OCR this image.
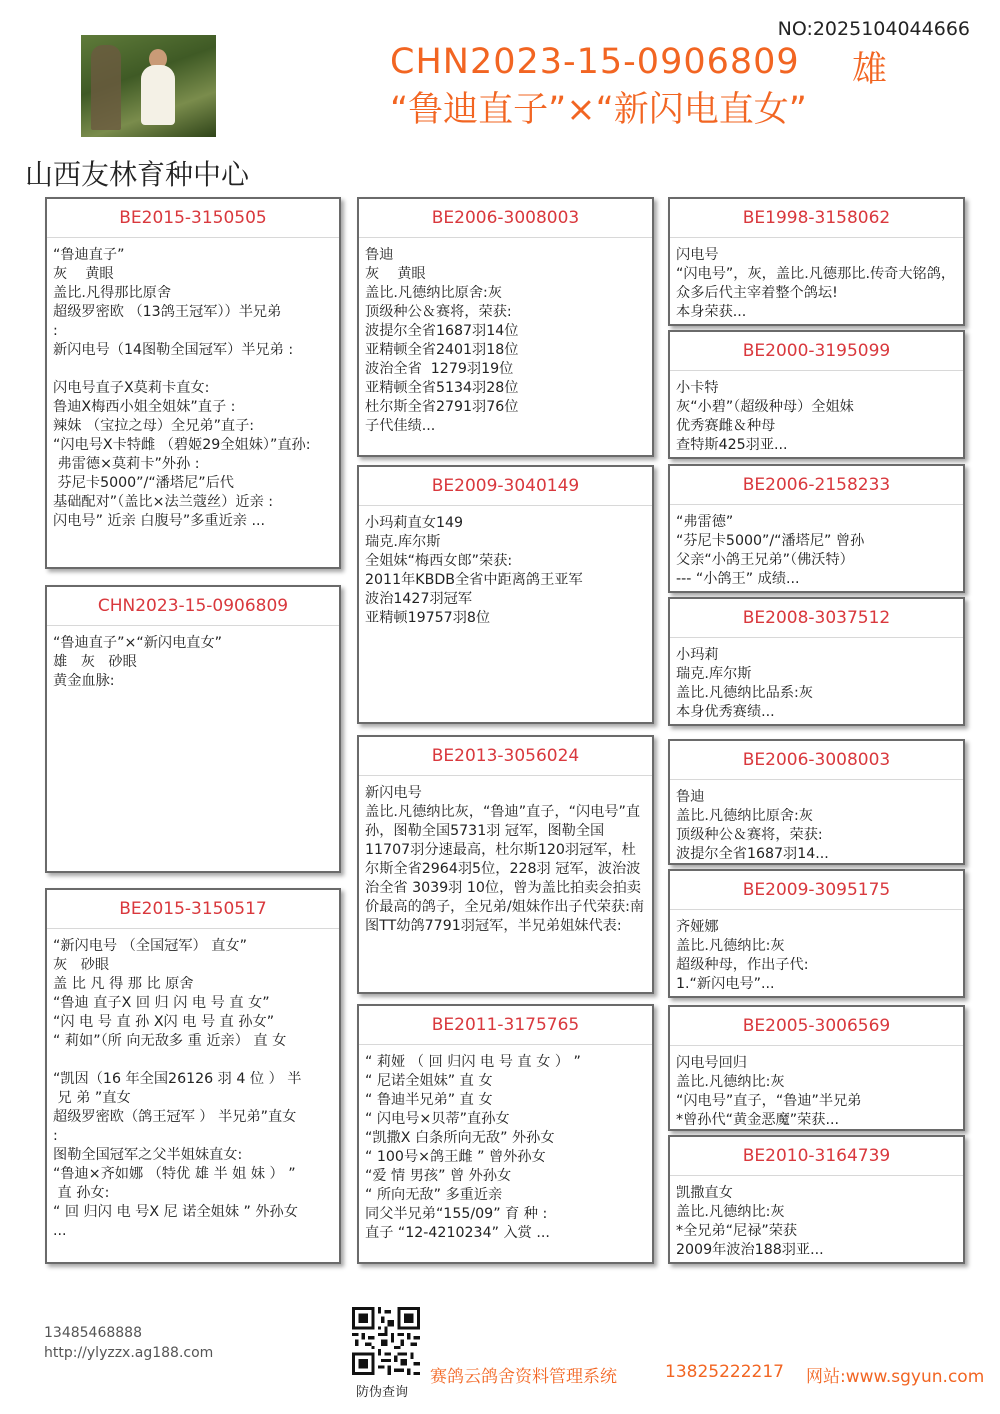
NO:2025104044666
CHN2023-15-0906809 雄
“鲁迪直子”×“新闪电直女”
山西友林育种中心
BE2015-3150505
“鲁迪直子”
灰    黄眼
盖比.凡得那比原舍
超级罗密欧 （13鸽王冠军））半兄弟
:
新闪电号（14图勒全国冠军）半兄弟 :

闪电号直子X莫莉卡直女:
鲁迪X梅西小姐全姐妹”直子 :
辣妹 （宝拉之母）全兄弟”直子:
“闪电号X卡特雌 （碧姬29全姐妹）”直孙:
弗雷德×莫莉卡”外孙 :
芬尼卡5000”/“潘塔尼”后代
基础配对”（盖比×法兰蔻丝）近亲 :
闪电号” 近亲 白腹号”多重近亲 ...
CHN2023-15-0906809
“鲁迪直子”×“新闪电直女”
雄   灰   砂眼
黄金血脉:
BE2015-3150517
“新闪电号 （全国冠军） 直女”
灰   砂眼
盖 比 凡 得 那 比 原舍
“鲁迪 直子X 回 归 闪 电 号 直 女”
“闪 电 号 直 孙 X闪 电 号 直 孙女”
“ 莉如”（所 向无敌多 重 近亲） 直 女

“凯因（16 年全国26126 羽 4 位 ） 半
兄 弟 ”直女
超级罗密欧（鸽王冠军 ） 半兄弟”直女
:
图勒全国冠军之父半姐妹直女:
“鲁迪×齐如娜 （特优 雄 半 姐 妹 ） ”
直 孙女:
“ 回 归闪 电 号X 尼 诺全姐妹 ” 外孙女
...
BE2006-3008003
鲁迪
灰    黄眼
盖比.凡德纳比原舍:灰
顶级种公＆赛将，荣获:
波提尔全省1687羽14位
亚精顿全省2401羽18位
波治全省  1279羽19位
亚精顿全省5134羽28位
杜尔斯全省2791羽76位
子代佳绩...
BE2009-3040149
小玛莉直女149
瑞克.库尔斯
全姐妹“梅西女郎”荣获:
2011年KBDB全省中距离鸽王亚军
波治1427羽冠军
亚精顿19757羽8位
BE2013-3056024
新闪电号
盖比.凡德纳比灰，“鲁迪”直子，“闪电号”直孙，图勒全国5731羽 冠军，图勒全国 11707羽分速最高，杜尔斯120羽冠军，杜尔斯全省2964羽5位，228羽 冠军，波治波治全省 3039羽 10位，曾为盖比拍卖会拍卖价最高的鸽子，全兄弟/姐妹作出子代荣获:南图TT幼鸽7791羽冠军，半兄弟姐妹代表:
BE2011-3175765
“ 莉娅 （ 回 归闪 电 号 直 女 ） ”
“ 尼诺全姐妹” 直 女
“ 鲁迪半兄弟” 直 女
“ 闪电号×贝蒂”直孙女
“凯撒X 白条所向无敌” 外孙女
“ 100号×鸽王雌 ” 曾外孙女
“爱 情 男孩” 曾 外孙女
“ 所向无敌” 多重近亲
同父半兄弟“155/09” 育 种 :
直子 “12-4210234” 入赏 ...
BE1998-3158062
闪电号
“闪电号”，灰，盖比.凡德那比.传奇大铭鸽，众多后代主宰着整个鸽坛!
本身荣获...
BE2000-3195099
小卡特
灰“小碧”（超级种母）全姐妹
优秀赛雌＆种母
查特斯425羽亚...
BE2006-2158233
“弗雷德”
“芬尼卡5000”/“潘塔尼” 曾孙
父亲“小鸽王兄弟”（佛沃特）
--- “小鸽王” 成绩...
BE2008-3037512
小玛莉
瑞克.库尔斯
盖比.凡德纳比品系:灰
本身优秀赛绩...
BE2006-3008003
鲁迪
盖比.凡德纳比原舍:灰
顶级种公＆赛将，荣获:
波提尔全省1687羽14...
BE2009-3095175
齐娅娜
盖比.凡德纳比:灰
超级种母，作出子代:
1.“新闪电号”...
BE2005-3006569
闪电号回归
盖比.凡德纳比:灰
“闪电号”直子，“鲁迪”半兄弟
*曾孙代“黄金恶魔”荣获...
BE2010-3164739
凯撒直女
盖比.凡德纳比:灰
*全兄弟“尼禄”荣获
2009年波治188羽亚...
13485468888
http://ylyzzx.ag188.com
防伪查询
赛鸽云鸽舍资料管理系统	13825222217 网站:www.sgyun.com
